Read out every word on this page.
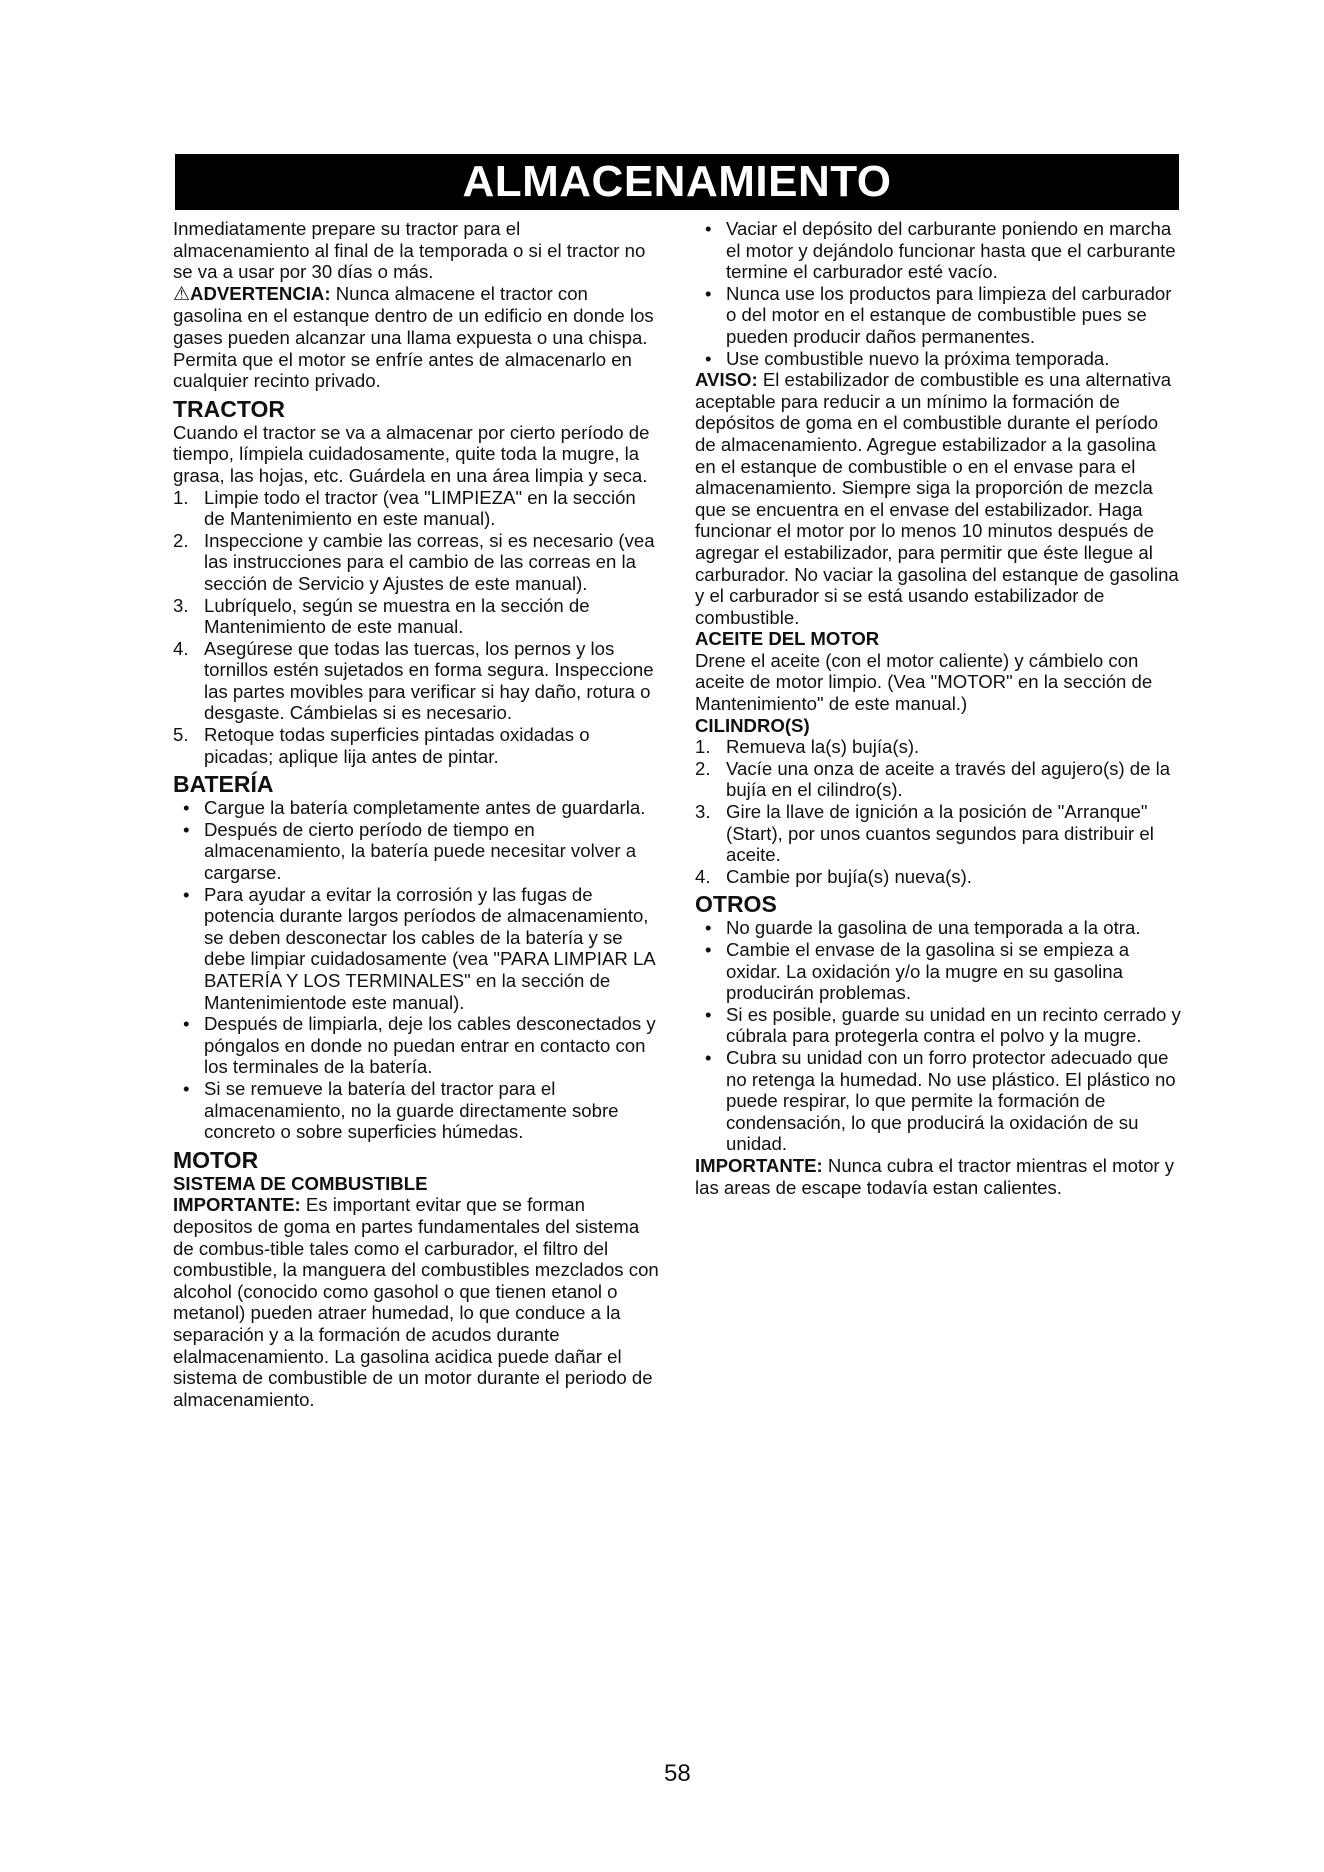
ALMACENAMIENTO

Inmediatamente prepare su tractor para el almacenamiento al final de la temporada o si el tractor no se va a usar por 30 días o más.

⚠ADVERTENCIA: Nunca almacene el tractor con gasolina en el estanque dentro de un edificio en donde los gases pueden alcanzar una llama expuesta o una chispa. Permita que el motor se enfríe antes de almacenarlo en cualquier recinto privado.

TRACTOR

Cuando el tractor se va a almacenar por cierto período de tiempo, límpiela cuidadosamente, quite toda la mugre, la grasa, las hojas, etc. Guárdela en una área limpia y seca.

1. Limpie todo el tractor (vea "LIMPIEZA" en la sección de Mantenimiento en este manual).
2. Inspeccione y cambie las correas, si es necesario (vea las instrucciones para el cambio de las correas en la sección de Servicio y Ajustes de este manual).
3. Lubríquelo, según se muestra en la sección de Mantenimiento de este manual.
4. Asegúrese que todas las tuercas, los pernos y los tornillos estén sujetados en forma segura. Inspeccione las partes movibles para verificar si hay daño, rotura o desgaste. Cámbielas si es necesario.
5. Retoque todas superficies pintadas oxidadas o picadas; aplique lija antes de pintar.
BATERÍA
• Cargue la batería completamente antes de guardarla.
• Después de cierto período de tiempo en almacenamiento, la batería puede necesitar volver a cargarse.
• Para ayudar a evitar la corrosión y las fugas de potencia durante largos períodos de almacenamiento, se deben desconectar los cables de la batería y se debe limpiar cuidadosamente (vea "PARA LIMPIAR LA BATERÍA Y LOS TERMINALES" en la sección de Mantenimientode este manual).
• Después de limpiarla, deje los cables desconectados y póngalos en donde no puedan entrar en contacto con los terminales de la batería.
• Si se remueve la batería del tractor para el almacenamiento, no la guarde directamente sobre concreto o sobre superficies húmedas.
MOTOR
SISTEMA DE COMBUSTIBLE

IMPORTANTE: Es important evitar que se forman depositos de goma en partes fundamentales del sistema de combus-tible tales como el carburador, el filtro del combustible, la manguera del combustibles mezclados con alcohol (conocido como gasohol o que tienen etanol o metanol) pueden atraer humedad, lo que conduce a la separación y a la formación de acudos durante elalmacenamiento. La gasolina acidica puede dañar el sistema de combustible de un motor durante el periodo de almacenamiento.

• Vaciar el depósito del carburante poniendo en marcha el motor y dejándolo funcionar hasta que el carburante termine el carburador esté vacío.
• Nunca use los productos para limpieza del carburador o del motor en el estanque de combustible pues se pueden producir daños permanentes.
• Use combustible nuevo la próxima temporada.

AVISO: El estabilizador de combustible es una alternativa aceptable para reducir a un mínimo la formación de depósitos de goma en el combustible durante el período de almacenamiento. Agregue estabilizador a la gasolina en el estanque de combustible o en el envase para el almacenamiento. Siempre siga la proporción de mezcla que se encuentra en el envase del estabilizador. Haga funcionar el motor por lo menos 10 minutos después de agregar el estabilizador, para permitir que éste llegue al carburador. No vaciar la gasolina del estanque de gasolina y el carburador si se está usando estabilizador de combustible.

ACEITE DEL MOTOR

Drene el aceite (con el motor caliente) y cámbielo con aceite de motor limpio. (Vea "MOTOR" en la sección de Mantenimiento" de este manual.)

CILINDRO(S)
1. Remueva la(s) bujía(s).
2. Vacíe una onza de aceite a través del agujero(s) de la bujía en el cilindro(s).
3. Gire la llave de ignición a la posición de "Arranque" (Start), por unos cuantos segundos para distribuir el aceite.
4. Cambie por bujía(s) nueva(s).
OTROS
• No guarde la gasolina de una temporada a la otra.
• Cambie el envase de la gasolina si se empieza a oxidar. La oxidación y/o la mugre en su gasolina producirán problemas.
• Si es posible, guarde su unidad en un recinto cerrado y cúbrala para protegerla contra el polvo y la mugre.
• Cubra su unidad con un forro protector adecuado que no retenga la humedad. No use plástico. El plástico no puede respirar, lo que permite la formación de condensación, lo que producirá la oxidación de su unidad.

IMPORTANTE: Nunca cubra el tractor mientras el motor y las areas de escape todavía estan calientes.

58
